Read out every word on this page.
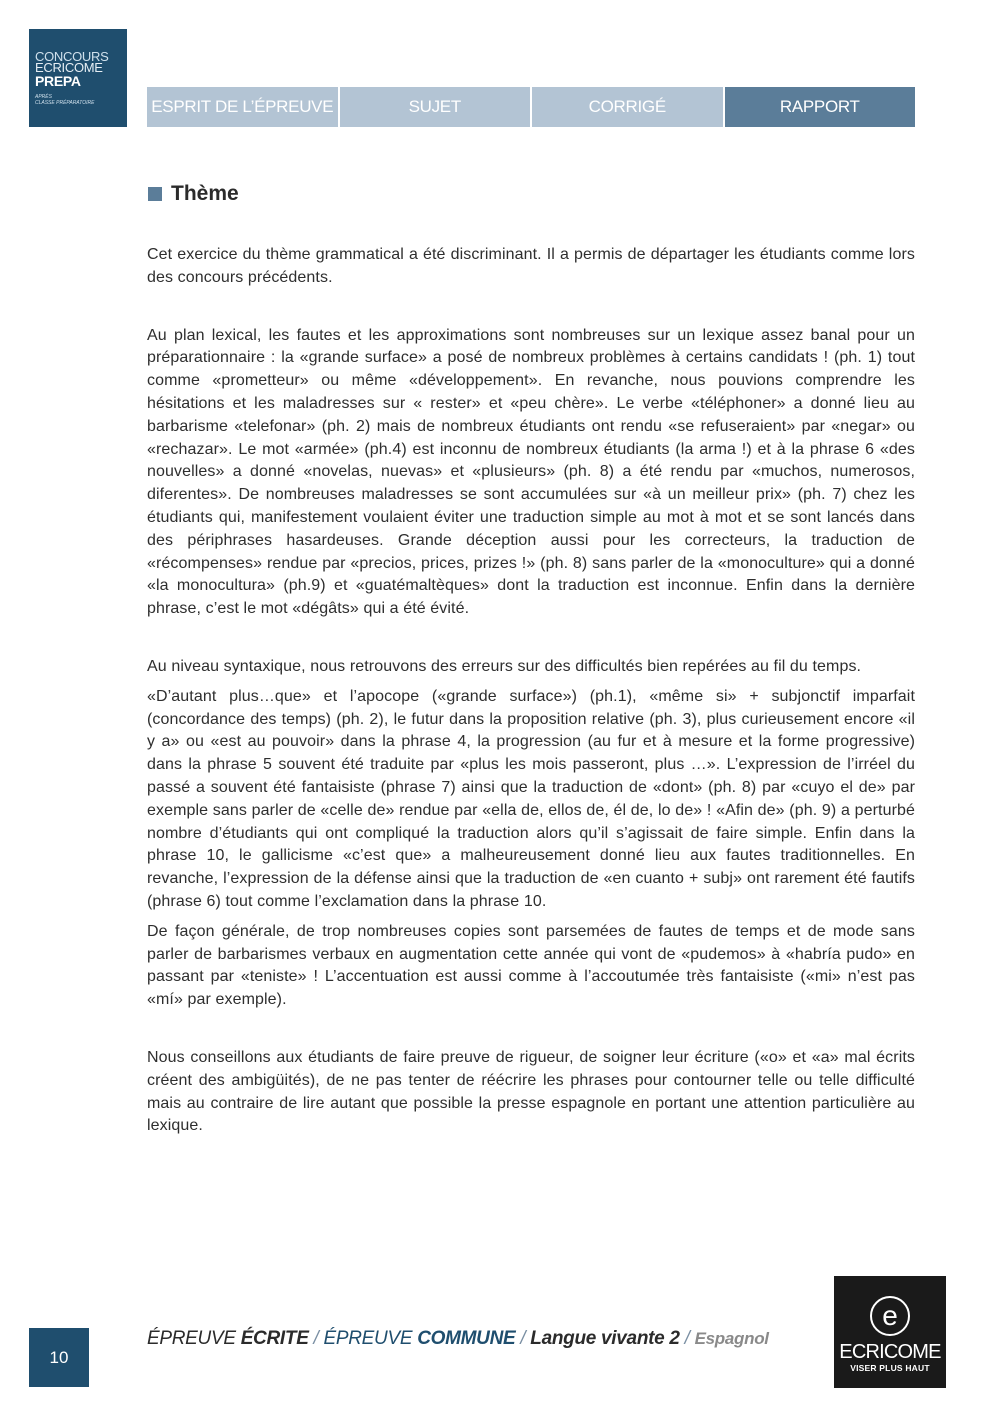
CONCOURS
ECRICOME
PREPA
APRÈS
CLASSE PRÉPARATOIRE	ESPRIT DE L’ÉPREUVE	SUJET	CORRIGÉ	RAPPORT
Thème

Cet exercice du thème grammatical a été discriminant. Il a permis de départager les étudiants comme lors des concours précédents.

Au plan lexical, les fautes et les approximations sont nombreuses sur un lexique assez banal pour un préparationnaire : la «grande surface» a posé de nombreux problèmes à certains candidats ! (ph. 1) tout comme «prometteur» ou même «développement». En revanche, nous pouvions comprendre les hésitations et les maladresses sur « rester» et «peu chère». Le verbe «téléphoner» a donné lieu au barbarisme «telefonar» (ph. 2) mais de nombreux étudiants ont rendu «se refuseraient» par «negar» ou «rechazar». Le mot «armée» (ph.4) est inconnu de nombreux étudiants (la arma !) et à la phrase 6 «des nouvelles» a donné «novelas, nuevas» et «plusieurs» (ph. 8) a été rendu par «muchos, numerosos, diferentes». De nombreuses maladresses se sont accumulées sur «à un meilleur prix» (ph. 7) chez les étudiants qui, manifestement voulaient éviter une traduction simple au mot à mot et se sont lancés dans des périphrases hasardeuses. Grande déception aussi pour les correcteurs, la traduction de «récompenses» rendue par «precios, prices, prizes !» (ph. 8) sans parler de la «monoculture» qui a donné «la monocultura» (ph.9) et «guatémaltèques» dont la traduction est inconnue. Enfin dans la dernière phrase, c’est le mot «dégâts» qui a été évité.

Au niveau syntaxique, nous retrouvons des erreurs sur des difficultés bien repérées au fil du temps.

«D’autant plus…que» et l’apocope («grande surface») (ph.1), «même si» + subjonctif imparfait (concordance des temps) (ph. 2), le futur dans la proposition relative (ph. 3), plus curieusement encore «il y a» ou «est au pouvoir» dans la phrase 4, la progression (au fur et à mesure et la forme progressive) dans la phrase 5 souvent été traduite par «plus les mois passeront, plus …». L’expression de l’irréel du passé a souvent été fantaisiste (phrase 7) ainsi que la traduction de «dont» (ph. 8) par «cuyo el de» par exemple sans parler de «celle de» rendue par «ella de, ellos de, él de, lo de» ! «Afin de» (ph. 9) a perturbé nombre d’étudiants qui ont compliqué la traduction alors qu’il s’agissait de faire simple. Enfin dans la phrase 10, le gallicisme «c’est que» a malheureusement donné lieu aux fautes traditionnelles. En revanche, l’expression de la défense ainsi que la traduction de «en cuanto + subj» ont rarement été fautifs (phrase 6) tout comme l’exclamation dans la phrase 10.

De façon générale, de trop nombreuses copies sont parsemées de fautes de temps et de mode sans parler de barbarismes verbaux en augmentation cette année qui vont de «pudemos» à «habría pudo» en passant par «teniste» ! L’accentuation est aussi comme à l’accoutumée très fantaisiste («mi» n’est pas «mí» par exemple).

Nous conseillons aux étudiants de faire preuve de rigueur, de soigner leur écriture («o» et «a» mal écrits créent des ambigüités), de ne pas tenter de réécrire les phrases pour contourner telle ou telle difficulté mais au contraire de lire autant que possible la presse espagnole en portant une attention particulière au lexique.

10
ÉPREUVE ÉCRITE / ÉPREUVE COMMUNE / Langue vivante 2 / Espagnol
e
ECRICOME
VISER PLUS HAUT
